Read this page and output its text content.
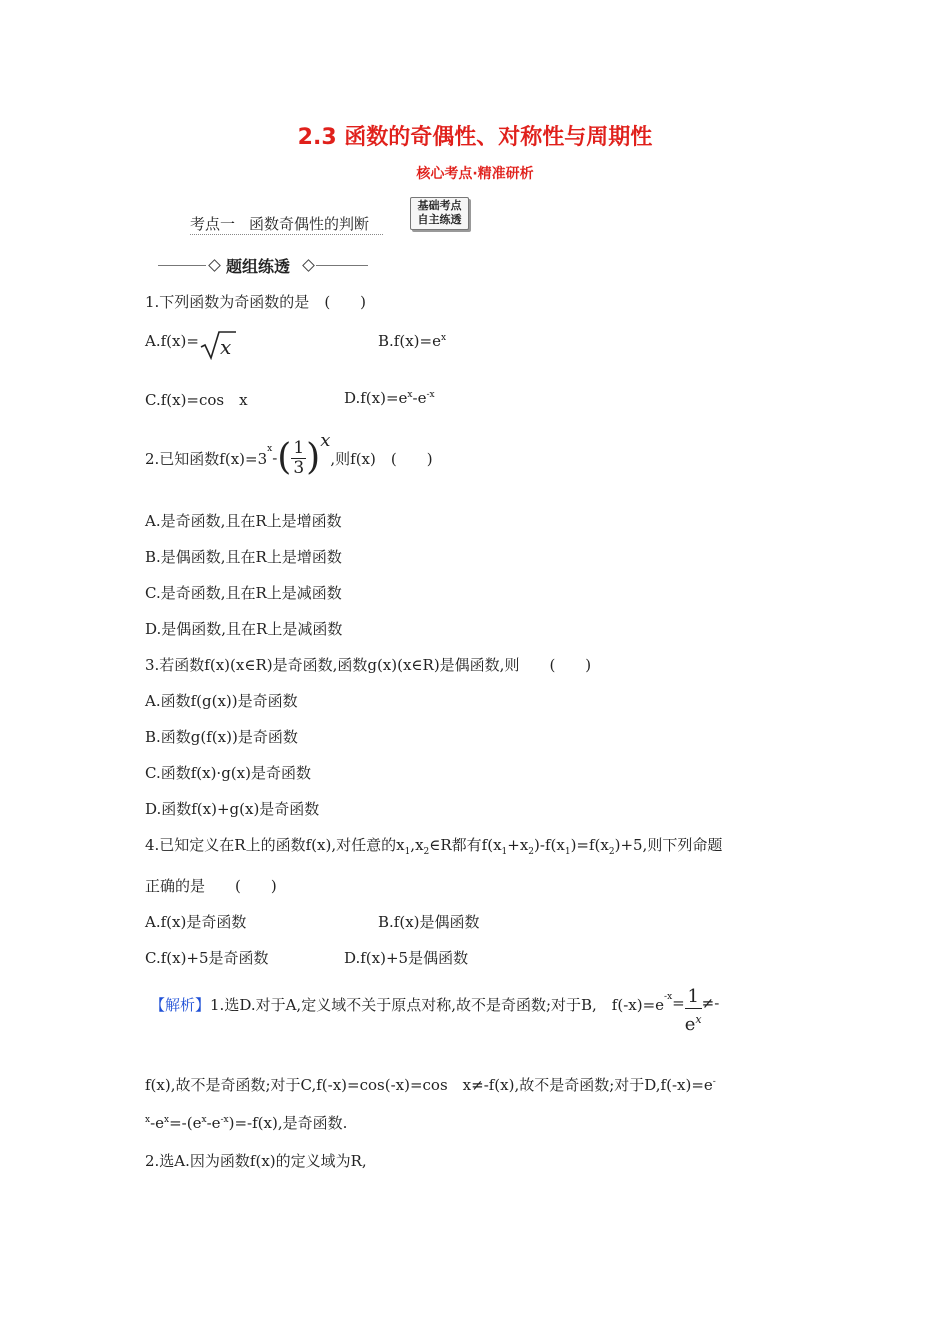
2.3 函数的奇偶性、对称性与周期性
核心考点·精准研析
考点一 函数奇偶性的判断
基础考点
自主练透
题组练透
1.下列函数为奇函数的是　(　　)
A.f(x)= x	$B.f(x)=e^x$
C.f(x)=cos　x	$D.f(x)=e^x-e^{-x}$
2.已知函数f(x)=3
$^x$ - ( $\frac{1}{3}$ ) x
,则f(x)　(　　)
A.是奇函数,且在R上是增函数
B.是偶函数,且在R上是增函数
C.是奇函数,且在R上是减函数
D.是偶函数,且在R上是减函数
3.若函数f(x)(x∈R)是奇函数,函数g(x)(x∈R)是偶函数,则　　(　　)
A.函数f(g(x))是奇函数
B.函数g(f(x))是奇函数
C.函数f(x)·g(x)是奇函数
D.函数f(x)+g(x)是奇函数
4.已知定义在R上的函数f(x),对任意的$x_1,x_2\in R$都有$f(x_1+x_2)-f(x_1)=f(x_2)+5$,则下列命题
正确的是　　(　　)
A.f(x)是奇函数	B.f(x)是偶函数
C.f(x)+5是奇函数	D.f(x)+5是偶函数
【解析】 1.选D.对于A,定义域不关于原点对称,故不是奇函数;对于B,　$f(-x)=e^{-x} = \frac{1}{e^x}$ ≠-
f(x),故不是奇函数;对于C,f(-x)=cos(-x)=cos　x≠-f(x),故不是奇函数;对于D,f(-x)=e-
$^x-e^x=-(e^x-e^{-x})=-f(x)$,是奇函数.
2.选A.因为函数f(x)的定义域为R,
